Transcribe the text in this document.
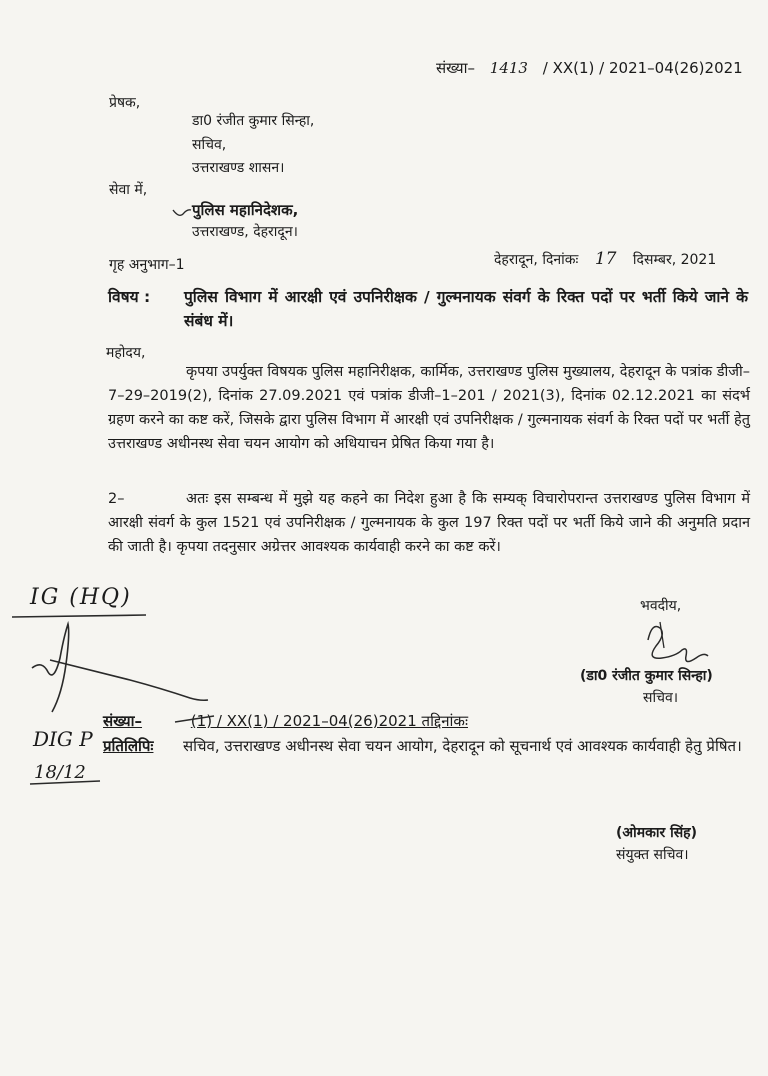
संख्या– 1413 / XX(1) / 2021–04(26)2021
प्रेषक,
डा0 रंजीत कुमार सिन्हा,
सचिव,
उत्तराखण्ड शासन।
सेवा में,
पुलिस महानिदेशक,
उत्तराखण्ड, देहरादून।
गृह अनुभाग–1	देहरादून, दिनांकः 17 दिसम्बर, 2021
विषय :	पुलिस विभाग में आरक्षी एवं उपनिरीक्षक / गुल्मनायक संवर्ग के रिक्त पदों पर भर्ती किये जाने के संबंध में।
महोदय,
कृपया उपर्युक्त विषयक पुलिस महानिरीक्षक, कार्मिक, उत्तराखण्ड पुलिस मुख्यालय, देहरादून के पत्रांक डीजी–7–29–2019(2), दिनांक 27.09.2021 एवं पत्रांक डीजी–1–201 / 2021(3), दिनांक 02.12.2021 का संदर्भ ग्रहण करने का कष्ट करें, जिसके द्वारा पुलिस विभाग में आरक्षी एवं उपनिरीक्षक / गुल्मनायक संवर्ग के रिक्त पदों पर भर्ती हेतु उत्तराखण्ड अधीनस्थ सेवा चयन आयोग को अधियाचन प्रेषित किया गया है।
2–	अतः इस सम्बन्ध में मुझे यह कहने का निदेश हुआ है कि सम्यक् विचारोपरान्त उत्तराखण्ड पुलिस विभाग में आरक्षी संवर्ग के कुल 1521 एवं उपनिरीक्षक / गुल्मनायक के कुल 197 रिक्त पदों पर भर्ती किये जाने की अनुमति प्रदान की जाती है। कृपया तदनुसार अग्रेत्तर आवश्यक कार्यवाही करने का कष्ट करें।
IG (HQ)	भवदीय,
(डा0 रंजीत कुमार सिन्हा)
सचिव।
संख्या–	(1) / XX(1) / 2021–04(26)2021 तद्दिनांकः
प्रतिलिपिः	सचिव, उत्तराखण्ड अधीनस्थ सेवा चयन आयोग, देहरादून को सूचनार्थ एवं आवश्यक कार्यवाही हेतु प्रेषित।
DIG P
18/12
(ओमकार सिंह)
संयुक्त सचिव।
